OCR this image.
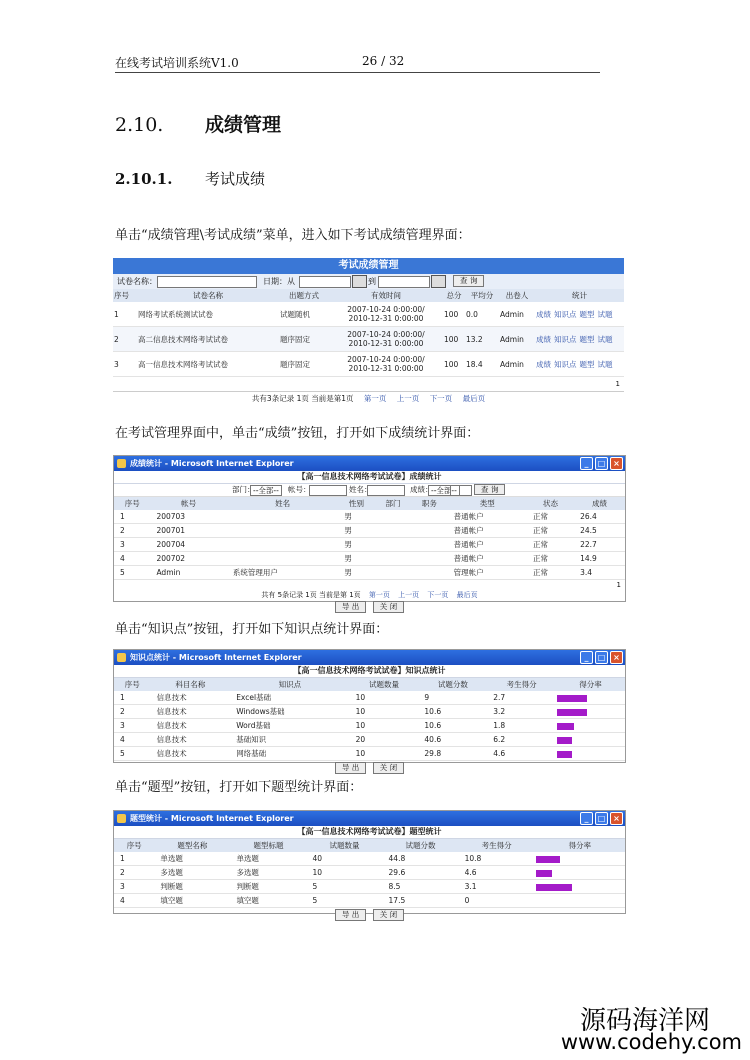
在线考试培训系统V1.0	26 / 32
2.10. 成绩管理
2.10.1. 考试成绩
单击“成绩管理\考试成绩”菜单，进入如下考试成绩管理界面：
考试成绩管理
试卷名称：	日期：从	到	查 询
序号	试卷名称	出题方式	有效时间	总分	平均分	出卷人	统计
1	网络考试系统测试试卷	试题随机	2007-10-24 0:00:00/
2010-12-31 0:00:00	100	0.0	Admin	成绩 知识点 题型 试题
2	高二信息技术网络考试试卷	题序固定	2007-10-24 0:00:00/
2010-12-31 0:00:00	100	13.2	Admin	成绩 知识点 题型 试题
3	高一信息技术网络考试试卷	题序固定	2007-10-24 0:00:00/
2010-12-31 0:00:00	100	18.4	Admin	成绩 知识点 题型 试题
1
共有3条记录 1页 当前是第1页 第一页 上一页 下一页 最后页
在考试管理界面中，单击“成绩”按钮，打开如下成绩统计界面：
成绩统计 - Microsoft Internet Explorer	_	□ ×
【高一信息技术网络考试试卷】成绩统计
部门：
--全部--	帐号：	姓名：	成绩：
--全部--	查 询
序号	帐号	姓名	性别	部门	职务	类型	状态	成绩
1	200703		男			普通帐户	正常	26.4
2	200701		男			普通帐户	正常	24.5
3	200704		男			普通帐户	正常	22.7
4	200702		男			普通帐户	正常	14.9
5	Admin	系统管理用户	男			管理帐户	正常	3.4
1
共有 5条记录 1页 当前是第 1页 第一页 上一页 下一页 最后页
导 出	关 闭
单击“知识点”按钮，打开如下知识点统计界面：
知识点统计 - Microsoft Internet Explorer	_	□ ×
【高一信息技术网络考试试卷】知识点统计
序号	科目名称	知识点	试题数量	试题分数	考生得分	得分率
1	信息技术	Excel基础	10	9	2.7	
2	信息技术	Windows基础	10	10.6	3.2	
3	信息技术	Word基础	10	10.6	1.8	
4	信息技术	基础知识	20	40.6	6.2	
5	信息技术	网络基础	10	29.8	4.6	
导 出	关 闭
单击“题型”按钮，打开如下题型统计界面：
题型统计 - Microsoft Internet Explorer	_	□ ×
【高一信息技术网络考试试卷】题型统计
序号	题型名称	题型标题	试题数量	试题分数	考生得分	得分率
1	单选题	单选题	40	44.8	10.8	
2	多选题	多选题	10	29.6	4.6	
3	判断题	判断题	5	8.5	3.1	
4	填空题	填空题	5	17.5	0	
导 出	关 闭
源码海洋网
www.codehy.com
